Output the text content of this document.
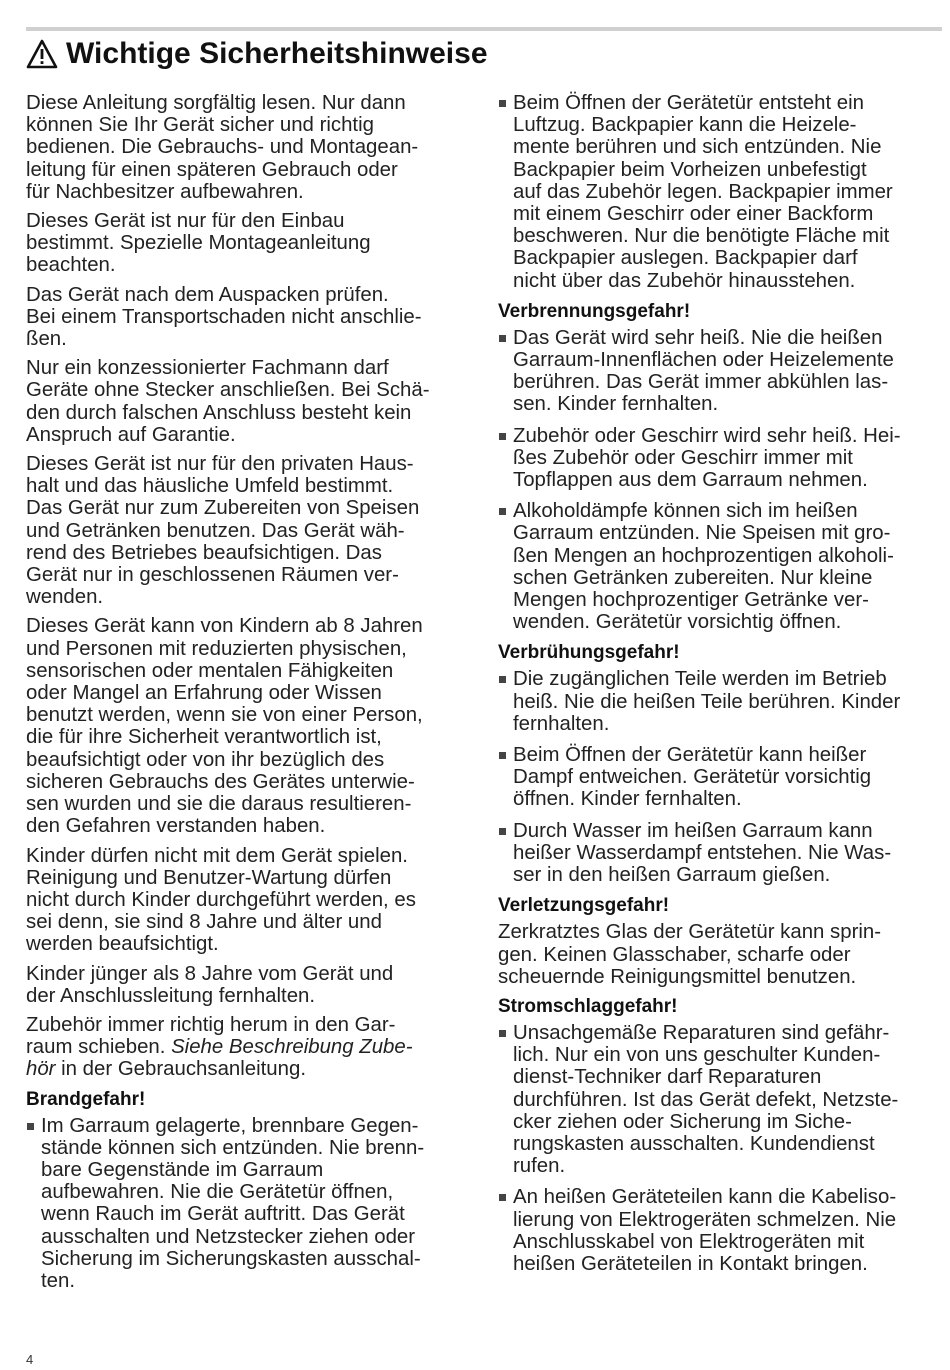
Wichtige Sicherheitshinweise

Diese Anleitung sorgfältig lesen. Nur dann
können Sie Ihr Gerät sicher und richtig
bedienen. Die Gebrauchs- und Montagean-
leitung für einen späteren Gebrauch oder
für Nachbesitzer aufbewahren.

Dieses Gerät ist nur für den Einbau
bestimmt. Spezielle Montageanleitung
beachten.

Das Gerät nach dem Auspacken prüfen.
Bei einem Transportschaden nicht anschlie-
ßen.

Nur ein konzessionierter Fachmann darf
Geräte ohne Stecker anschließen. Bei Schä-
den durch falschen Anschluss besteht kein
Anspruch auf Garantie.

Dieses Gerät ist nur für den privaten Haus-
halt und das häusliche Umfeld bestimmt.
Das Gerät nur zum Zubereiten von Speisen
und Getränken benutzen. Das Gerät wäh-
rend des Betriebes beaufsichtigen. Das
Gerät nur in geschlossenen Räumen ver-
wenden.

Dieses Gerät kann von Kindern ab 8 Jahren
und Personen mit reduzierten physischen,
sensorischen oder mentalen Fähigkeiten
oder Mangel an Erfahrung oder Wissen
benutzt werden, wenn sie von einer Person,
die für ihre Sicherheit verantwortlich ist,
beaufsichtigt oder von ihr bezüglich des
sicheren Gebrauchs des Gerätes unterwie-
sen wurden und sie die daraus resultieren-
den Gefahren verstanden haben.

Kinder dürfen nicht mit dem Gerät spielen.
Reinigung und Benutzer-Wartung dürfen
nicht durch Kinder durchgeführt werden, es
sei denn, sie sind 8 Jahre und älter und
werden beaufsichtigt.

Kinder jünger als 8 Jahre vom Gerät und
der Anschlussleitung fernhalten.

Zubehör immer richtig herum in den Gar-
raum schieben. Siehe Beschreibung Zube-
hör in der Gebrauchsanleitung.

Brandgefahr!
Im Garraum gelagerte, brennbare Gegen-
stände können sich entzünden. Nie brenn-
bare Gegenstände im Garraum
aufbewahren. Nie die Gerätetür öffnen,
wenn Rauch im Gerät auftritt. Das Gerät
ausschalten und Netzstecker ziehen oder
Sicherung im Sicherungskasten ausschal-
ten.
Beim Öffnen der Gerätetür entsteht ein
Luftzug. Backpapier kann die Heizele-
mente berühren und sich entzünden. Nie
Backpapier beim Vorheizen unbefestigt
auf das Zubehör legen. Backpapier immer
mit einem Geschirr oder einer Backform
beschweren. Nur die benötigte Fläche mit
Backpapier auslegen. Backpapier darf
nicht über das Zubehör hinausstehen.
Verbrennungsgefahr!
Das Gerät wird sehr heiß. Nie die heißen
Garraum-Innenflächen oder Heizelemente
berühren. Das Gerät immer abkühlen las-
sen. Kinder fernhalten.
Zubehör oder Geschirr wird sehr heiß. Hei-
ßes Zubehör oder Geschirr immer mit
Topflappen aus dem Garraum nehmen.
Alkoholdämpfe können sich im heißen
Garraum entzünden. Nie Speisen mit gro-
ßen Mengen an hochprozentigen alkoholi-
schen Getränken zubereiten. Nur kleine
Mengen hochprozentiger Getränke ver-
wenden. Gerätetür vorsichtig öffnen.
Verbrühungsgefahr!
Die zugänglichen Teile werden im Betrieb
heiß. Nie die heißen Teile berühren. Kinder
fernhalten.
Beim Öffnen der Gerätetür kann heißer
Dampf entweichen. Gerätetür vorsichtig
öffnen. Kinder fernhalten.
Durch Wasser im heißen Garraum kann
heißer Wasserdampf entstehen. Nie Was-
ser in den heißen Garraum gießen.
Verletzungsgefahr!

Zerkratztes Glas der Gerätetür kann sprin-
gen. Keinen Glasschaber, scharfe oder
scheuernde Reinigungsmittel benutzen.

Stromschlaggefahr!
Unsachgemäße Reparaturen sind gefähr-
lich. Nur ein von uns geschulter Kunden-
dienst-Techniker darf Reparaturen
durchführen. Ist das Gerät defekt, Netzste-
cker ziehen oder Sicherung im Siche-
rungskasten ausschalten. Kundendienst
rufen.
An heißen Geräteteilen kann die Kabeliso-
lierung von Elektrogeräten schmelzen. Nie
Anschlusskabel von Elektrogeräten mit
heißen Geräteteilen in Kontakt bringen.
4
